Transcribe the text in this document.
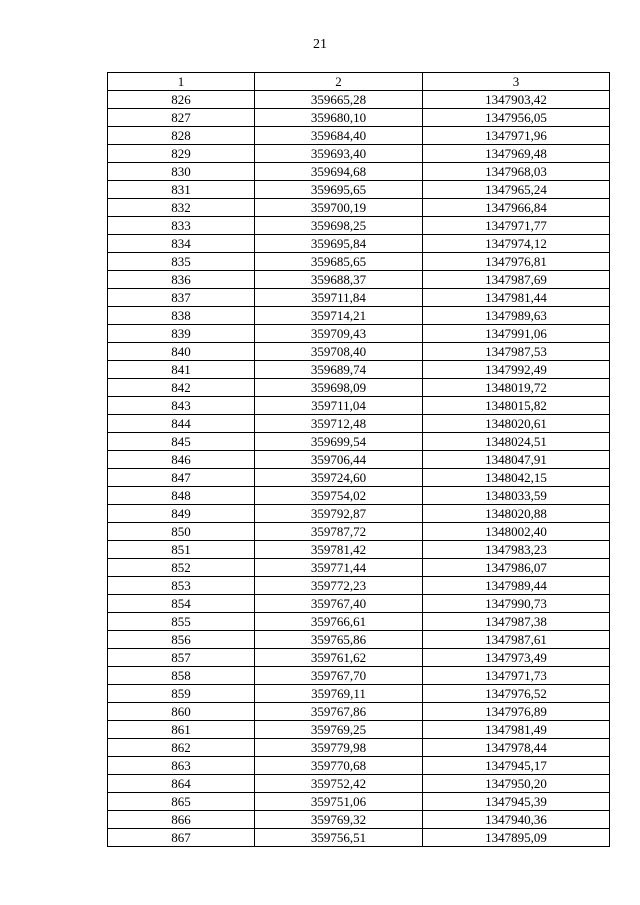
21
1	2	3
826	359665,28	1347903,42
827	359680,10	1347956,05
828	359684,40	1347971,96
829	359693,40	1347969,48
830	359694,68	1347968,03
831	359695,65	1347965,24
832	359700,19	1347966,84
833	359698,25	1347971,77
834	359695,84	1347974,12
835	359685,65	1347976,81
836	359688,37	1347987,69
837	359711,84	1347981,44
838	359714,21	1347989,63
839	359709,43	1347991,06
840	359708,40	1347987,53
841	359689,74	1347992,49
842	359698,09	1348019,72
843	359711,04	1348015,82
844	359712,48	1348020,61
845	359699,54	1348024,51
846	359706,44	1348047,91
847	359724,60	1348042,15
848	359754,02	1348033,59
849	359792,87	1348020,88
850	359787,72	1348002,40
851	359781,42	1347983,23
852	359771,44	1347986,07
853	359772,23	1347989,44
854	359767,40	1347990,73
855	359766,61	1347987,38
856	359765,86	1347987,61
857	359761,62	1347973,49
858	359767,70	1347971,73
859	359769,11	1347976,52
860	359767,86	1347976,89
861	359769,25	1347981,49
862	359779,98	1347978,44
863	359770,68	1347945,17
864	359752,42	1347950,20
865	359751,06	1347945,39
866	359769,32	1347940,36
867	359756,51	1347895,09
